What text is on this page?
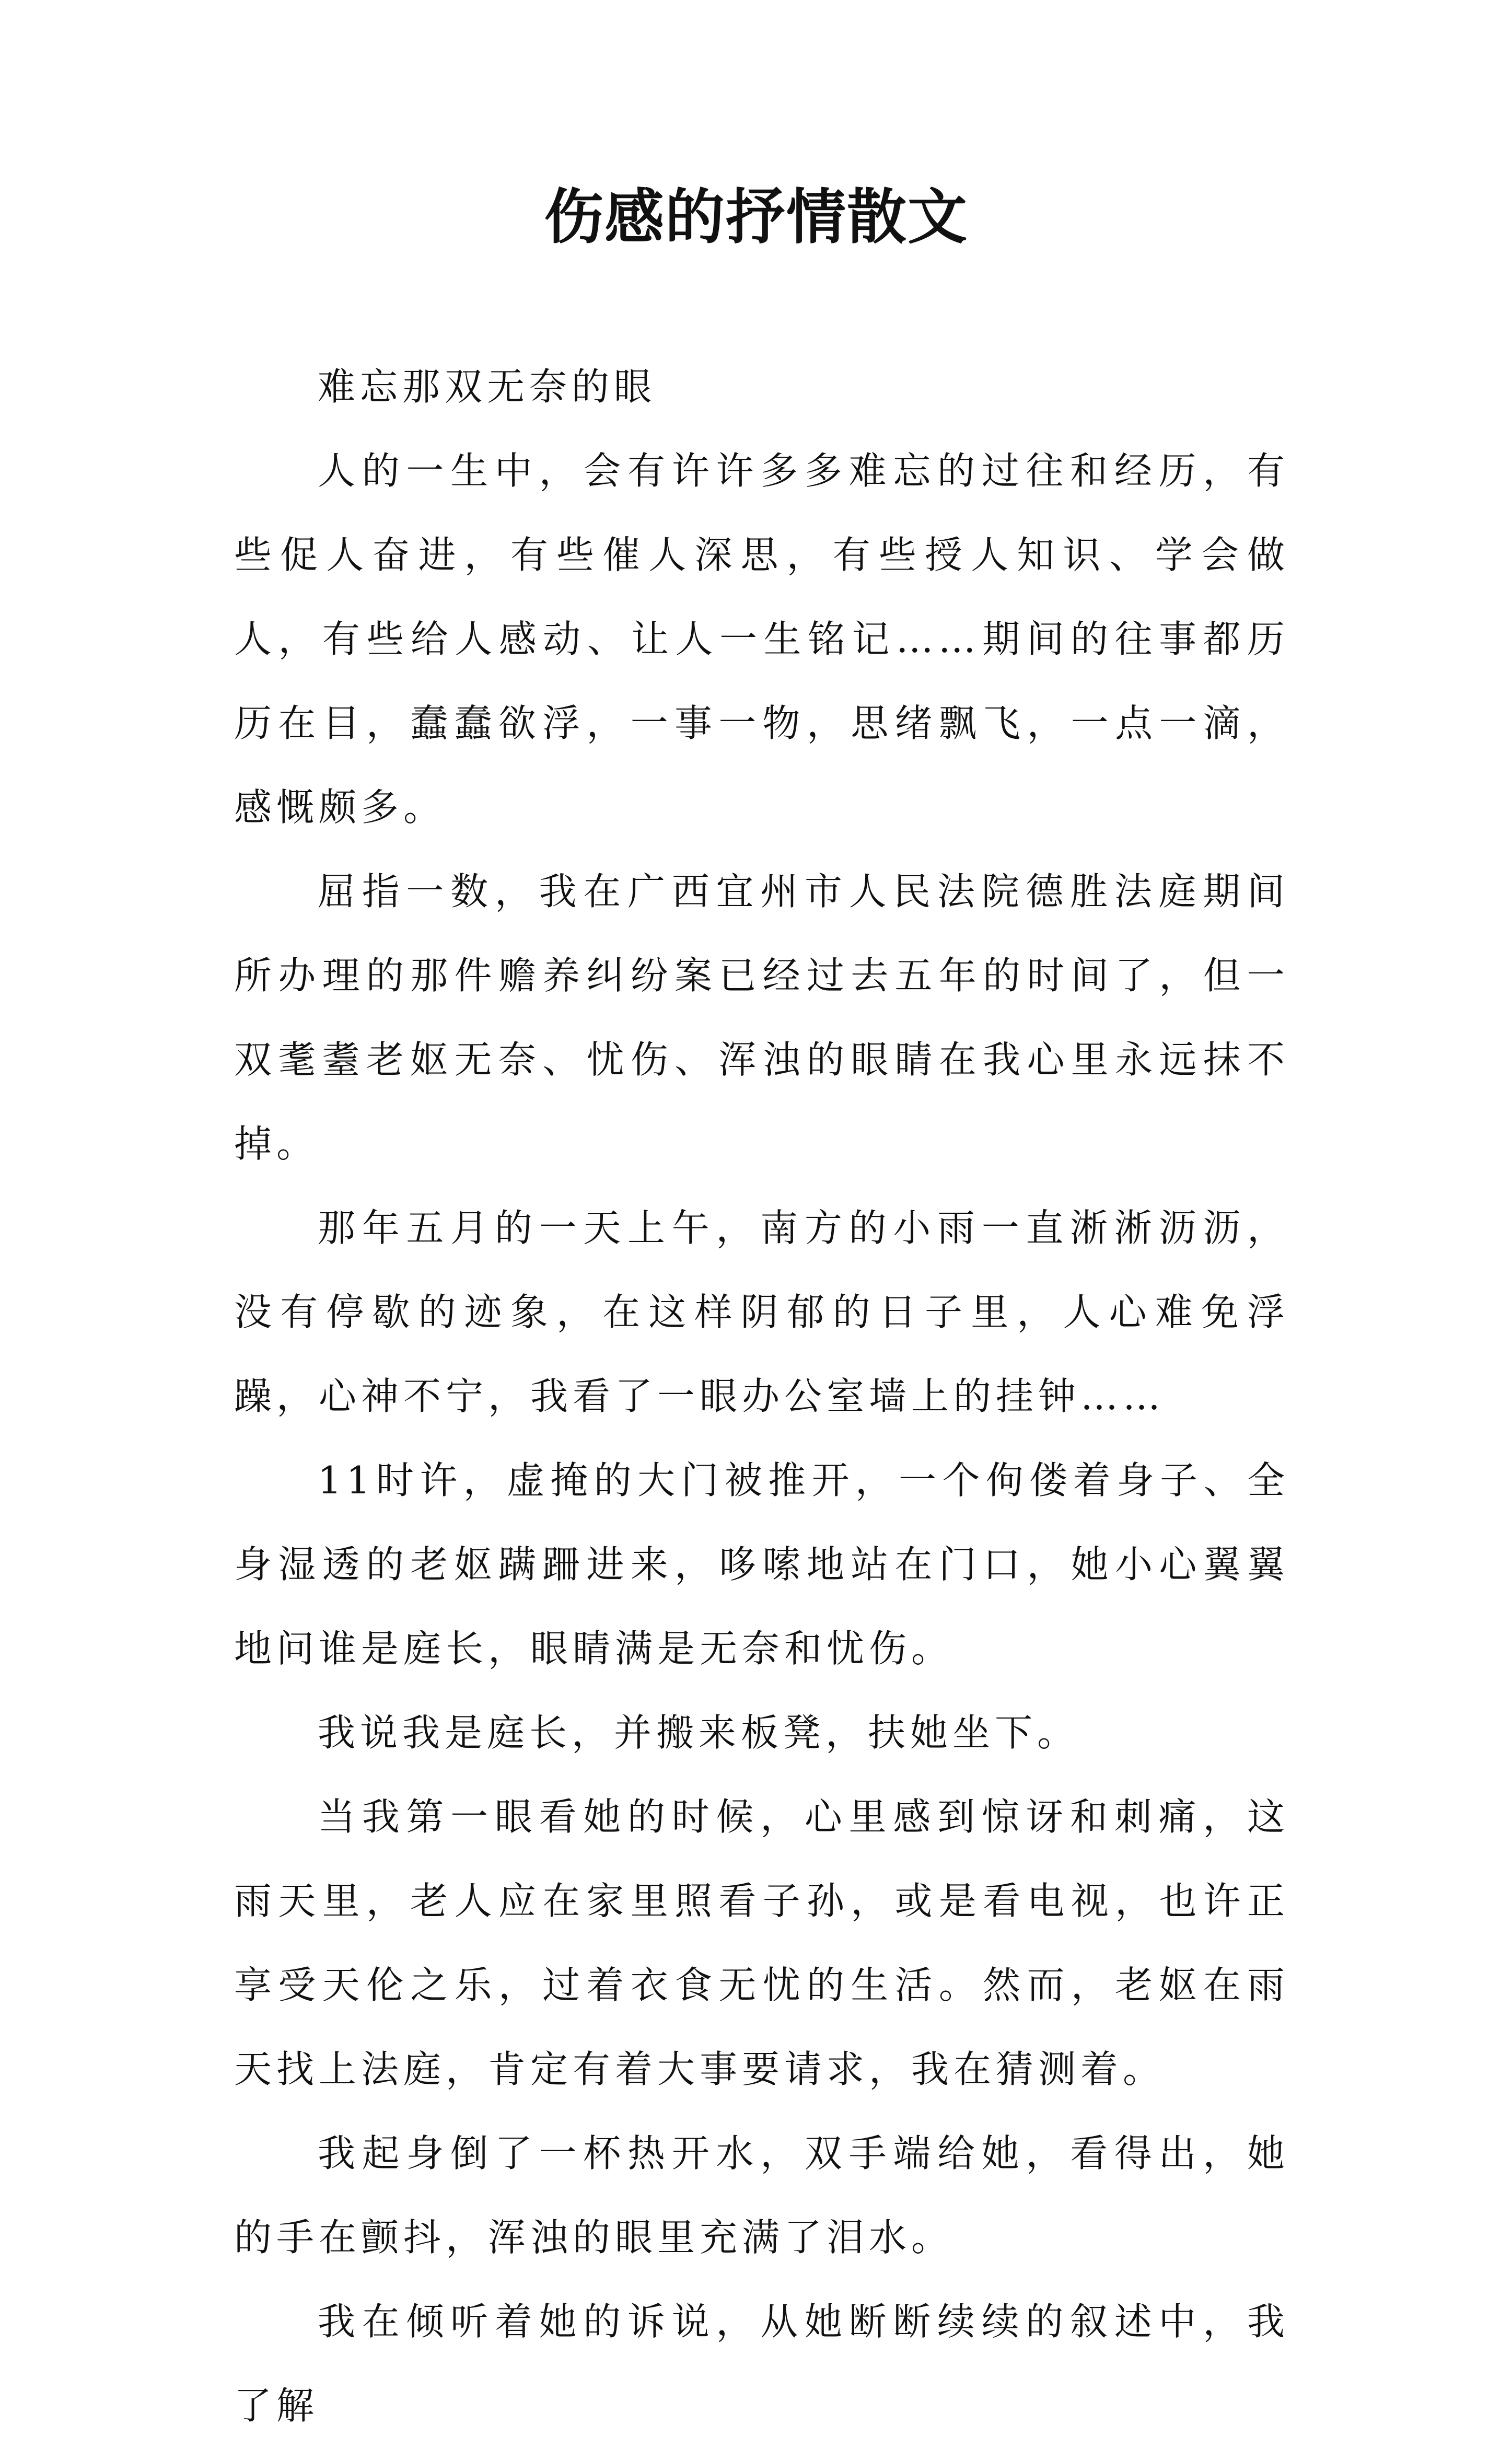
伤感的抒情散文

难忘那双无奈的眼

人的一生中，会有许许多多难忘的过往和经历，有些促人奋进，有些催人深思，有些授人知识、学会做人，有些给人感动、让人一生铭记……期间的往事都历历在目，蠢蠢欲浮，一事一物，思绪飘飞，一点一滴，感慨颇多。

屈指一数，我在广西宜州市人民法院德胜法庭期间所办理的那件赡养纠纷案已经过去五年的时间了，但一双耄耋老妪无奈、忧伤、浑浊的眼睛在我心里永远抹不掉。

那年五月的一天上午，南方的小雨一直淅淅沥沥，没有停歇的迹象，在这样阴郁的日子里，人心难免浮躁，心神不宁，我看了一眼办公室墙上的挂钟……

11时许，虚掩的大门被推开，一个佝偻着身子、全身湿透的老妪蹒跚进来，哆嗦地站在门口，她小心翼翼地问谁是庭长，眼睛满是无奈和忧伤。

我说我是庭长，并搬来板凳，扶她坐下。

当我第一眼看她的时候，心里感到惊讶和刺痛，这雨天里，老人应在家里照看子孙，或是看电视，也许正享受天伦之乐，过着衣食无忧的生活。然而，老妪在雨天找上法庭，肯定有着大事要请求，我在猜测着。

我起身倒了一杯热开水，双手端给她，看得出，她的手在颤抖，浑浊的眼里充满了泪水。

我在倾听着她的诉说，从她断断续续的叙述中，我了解
